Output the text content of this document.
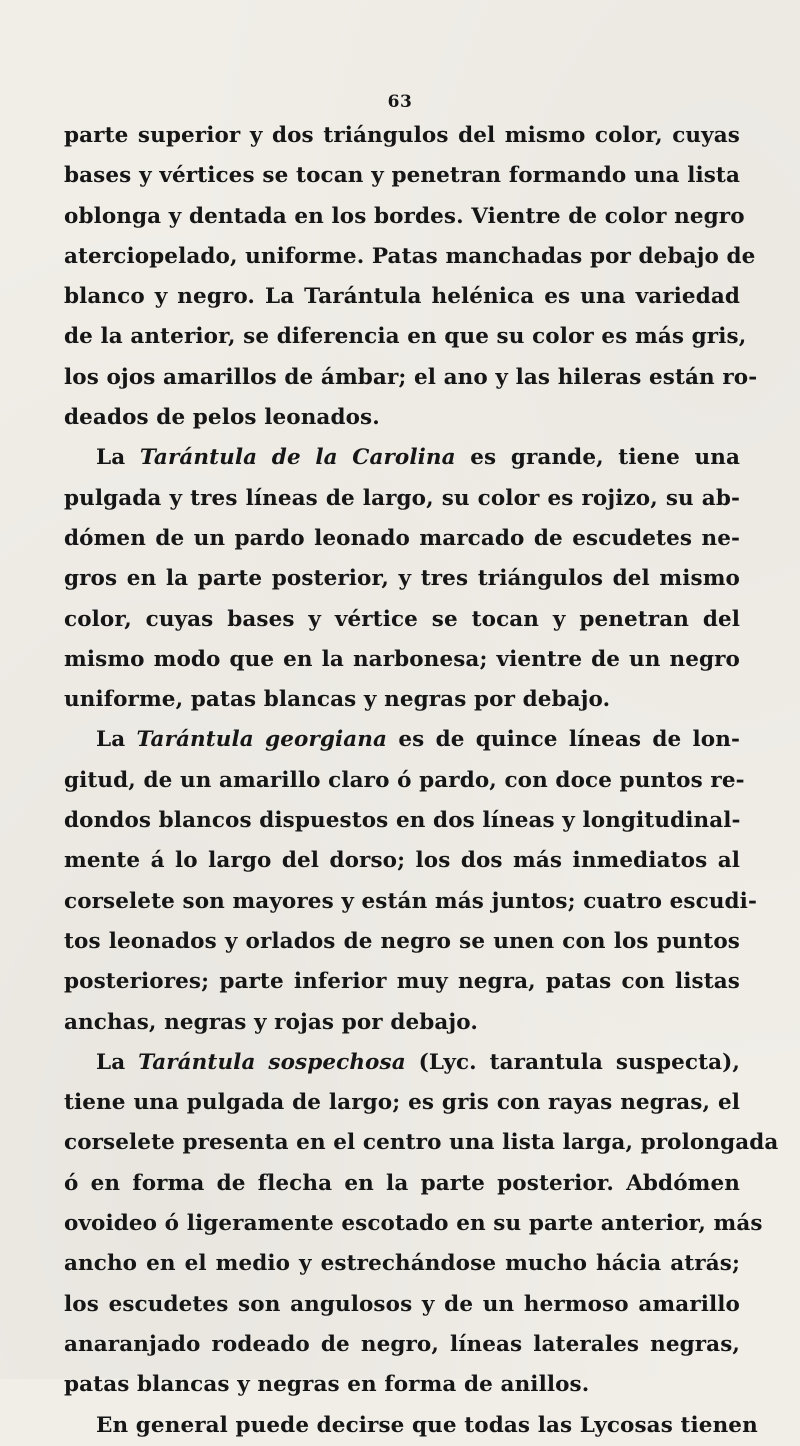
63
parte superior y dos triángulos del mismo color, cuyas
bases y vértices se tocan y penetran formando una lista
oblonga y dentada en los bordes. Vientre de color negro
aterciopelado, uniforme. Patas manchadas por debajo de
blanco y negro. La Tarántula helénica es una variedad
de la anterior, se diferencia en que su color es más gris,
los ojos amarillos de ámbar; el ano y las hileras están ro-
deados de pelos leonados.
La Tarántula de la Carolina es grande, tiene una
pulgada y tres líneas de largo, su color es rojizo, su ab-
dómen de un pardo leonado marcado de escudetes ne-
gros en la parte posterior, y tres triángulos del mismo
color, cuyas bases y vértice se tocan y penetran del
mismo modo que en la narbonesa; vientre de un negro
uniforme, patas blancas y negras por debajo.
La Tarántula georgiana es de quince líneas de lon-
gitud, de un amarillo claro ó pardo, con doce puntos re-
dondos blancos dispuestos en dos líneas y longitudinal-
mente á lo largo del dorso; los dos más inmediatos al
corselete son mayores y están más juntos; cuatro escudi-
tos leonados y orlados de negro se unen con los puntos
posteriores; parte inferior muy negra, patas con listas
anchas, negras y rojas por debajo.
La Tarántula sospechosa (Lyc. tarantula suspecta),
tiene una pulgada de largo; es gris con rayas negras, el
corselete presenta en el centro una lista larga, prolongada
ó en forma de flecha en la parte posterior. Abdómen
ovoideo ó ligeramente escotado en su parte anterior, más
ancho en el medio y estrechándose mucho hácia atrás;
los escudetes son angulosos y de un hermoso amarillo
anaranjado rodeado de negro, líneas laterales negras,
patas blancas y negras en forma de anillos.
En general puede decirse que todas las Lycosas tienen
